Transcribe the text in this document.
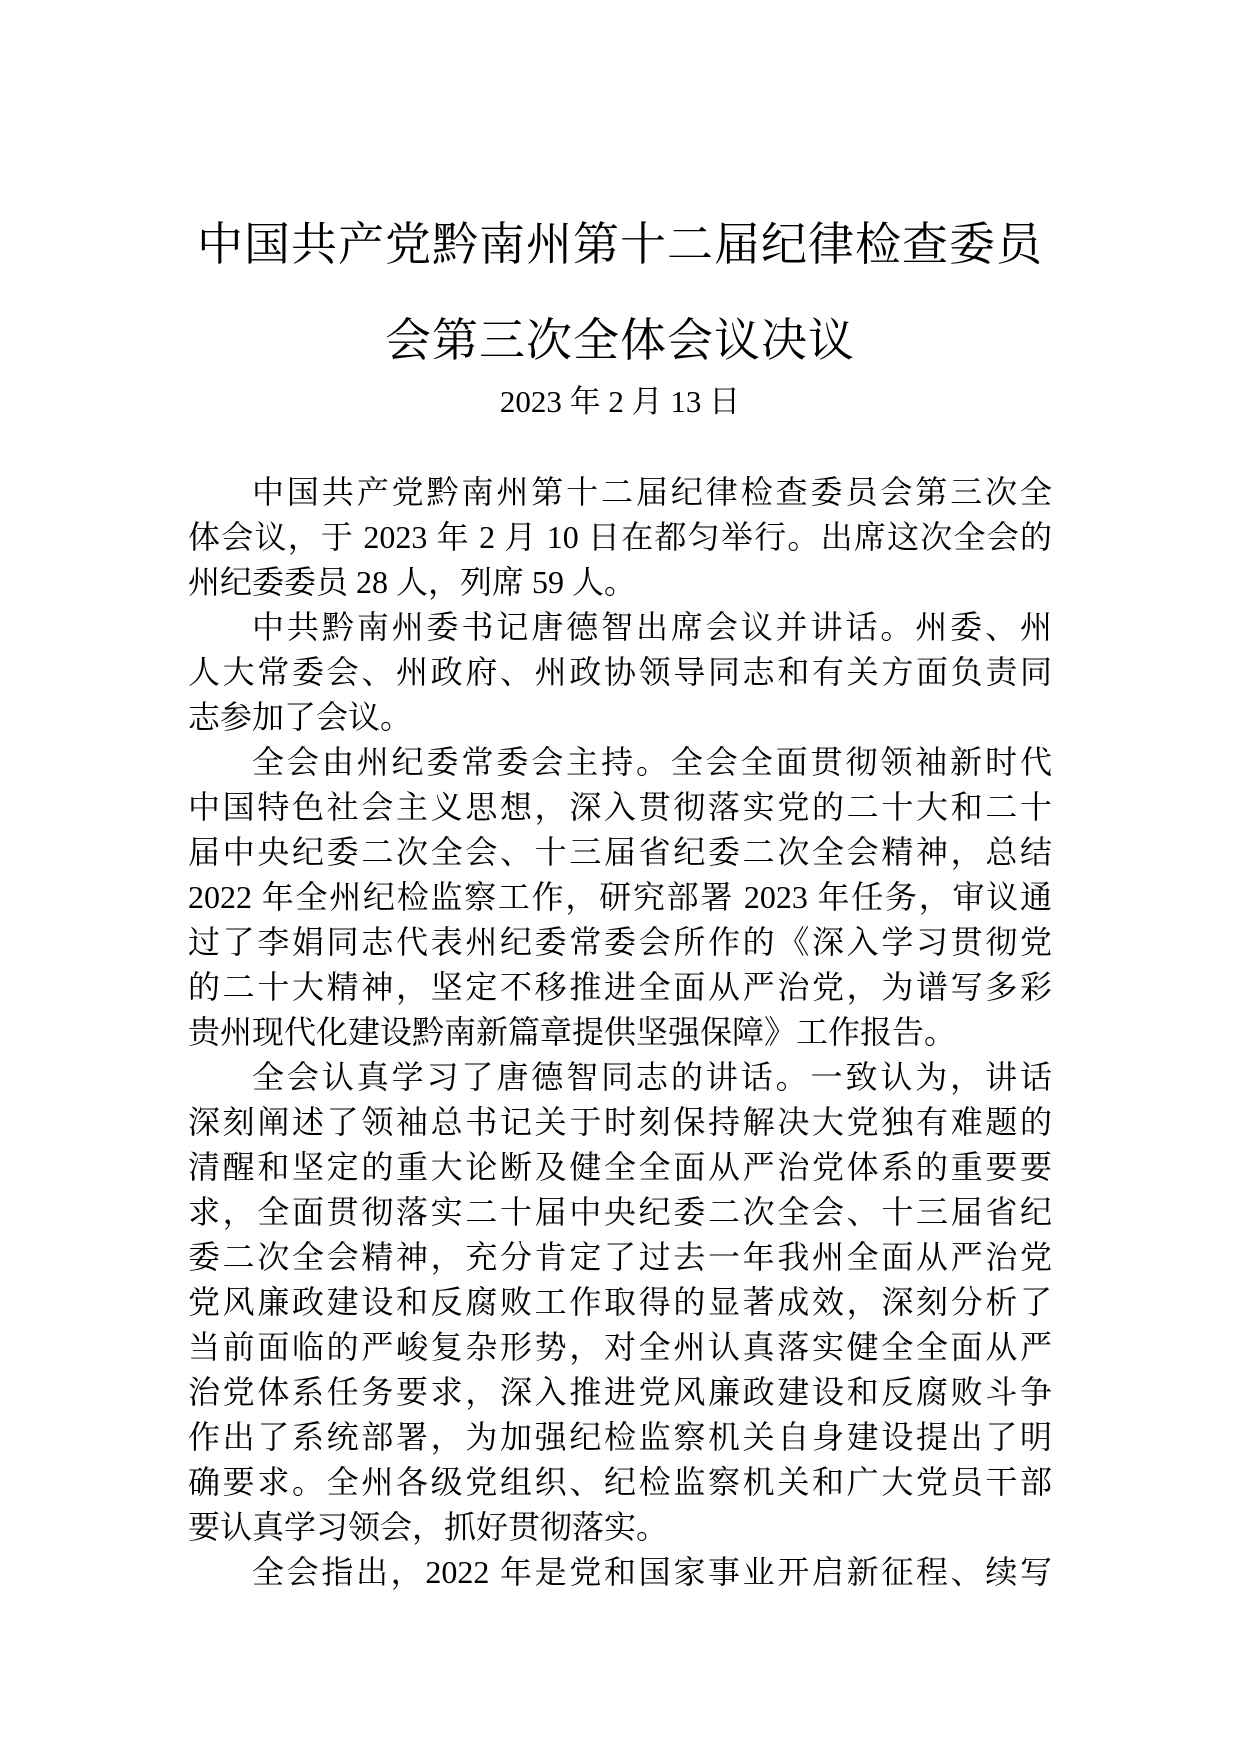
中国共产党黔南州第十二届纪律检查委员
会第三次全体会议决议
2023 年 2 月 13 日
中国共产党黔南州第十二届纪律检查委员会第三次全
体会议，于 2023 年 2 月 10 日在都匀举行。出席这次全会的
州纪委委员 28 人，列席 59 人。
中共黔南州委书记唐德智出席会议并讲话。州委、州
人大常委会、州政府、州政协领导同志和有关方面负责同
志参加了会议。
全会由州纪委常委会主持。全会全面贯彻领袖新时代
中国特色社会主义思想，深入贯彻落实党的二十大和二十
届中央纪委二次全会、十三届省纪委二次全会精神，总结
2022 年全州纪检监察工作，研究部署 2023 年任务，审议通
过了李娟同志代表州纪委常委会所作的《深入学习贯彻党
的二十大精神，坚定不移推进全面从严治党，为谱写多彩
贵州现代化建设黔南新篇章提供坚强保障》工作报告。
全会认真学习了唐德智同志的讲话。一致认为，讲话
深刻阐述了领袖总书记关于时刻保持解决大党独有难题的
清醒和坚定的重大论断及健全全面从严治党体系的重要要
求，全面贯彻落实二十届中央纪委二次全会、十三届省纪
委二次全会精神，充分肯定了过去一年我州全面从严治党
党风廉政建设和反腐败工作取得的显著成效，深刻分析了
当前面临的严峻复杂形势，对全州认真落实健全全面从严
治党体系任务要求，深入推进党风廉政建设和反腐败斗争
作出了系统部署，为加强纪检监察机关自身建设提出了明
确要求。全州各级党组织、纪检监察机关和广大党员干部
要认真学习领会，抓好贯彻落实。
全会指出，2022 年是党和国家事业开启新征程、续写
